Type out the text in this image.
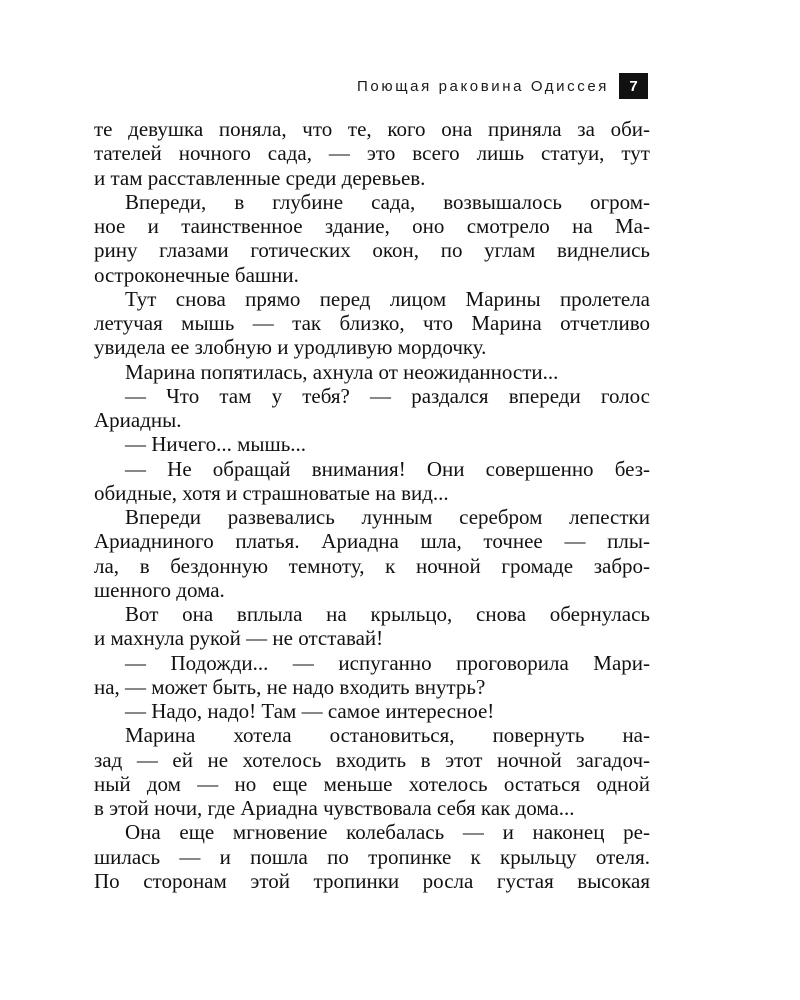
Поющая раковина Одиссея	7
те девушка поняла, что те, кого она приняла за оби-
тателей ночного сада, — это всего лишь статуи, тут
и там расставленные среди деревьев.
Впереди, в глубине сада, возвышалось огром-
ное и таинственное здание, оно смотрело на Ма-
рину глазами готических окон, по углам виднелись
остроконечные башни.
Тут снова прямо перед лицом Марины пролетела
летучая мышь — так близко, что Марина отчетливо
увидела ее злобную и уродливую мордочку.
Марина попятилась, ахнула от неожиданности...
— Что там у тебя? — раздался впереди голос
Ариадны.
— Ничего... мышь...
— Не обращай внимания! Они совершенно без-
обидные, хотя и страшноватые на вид...
Впереди развевались лунным серебром лепестки
Ариадниного платья. Ариадна шла, точнее — плы-
ла, в бездонную темноту, к ночной громаде забро-
шенного дома.
Вот она вплыла на крыльцо, снова обернулась
и махнула рукой — не отставай!
— Подожди... — испуганно проговорила Мари-
на, — может быть, не надо входить внутрь?
— Надо, надо! Там — самое интересное!
Марина хотела остановиться, повернуть на-
зад — ей не хотелось входить в этот ночной загадоч-
ный дом — но еще меньше хотелось остаться одной
в этой ночи, где Ариадна чувствовала себя как дома...
Она еще мгновение колебалась — и наконец ре-
шилась — и пошла по тропинке к крыльцу отеля.
По сторонам этой тропинки росла густая высокая
